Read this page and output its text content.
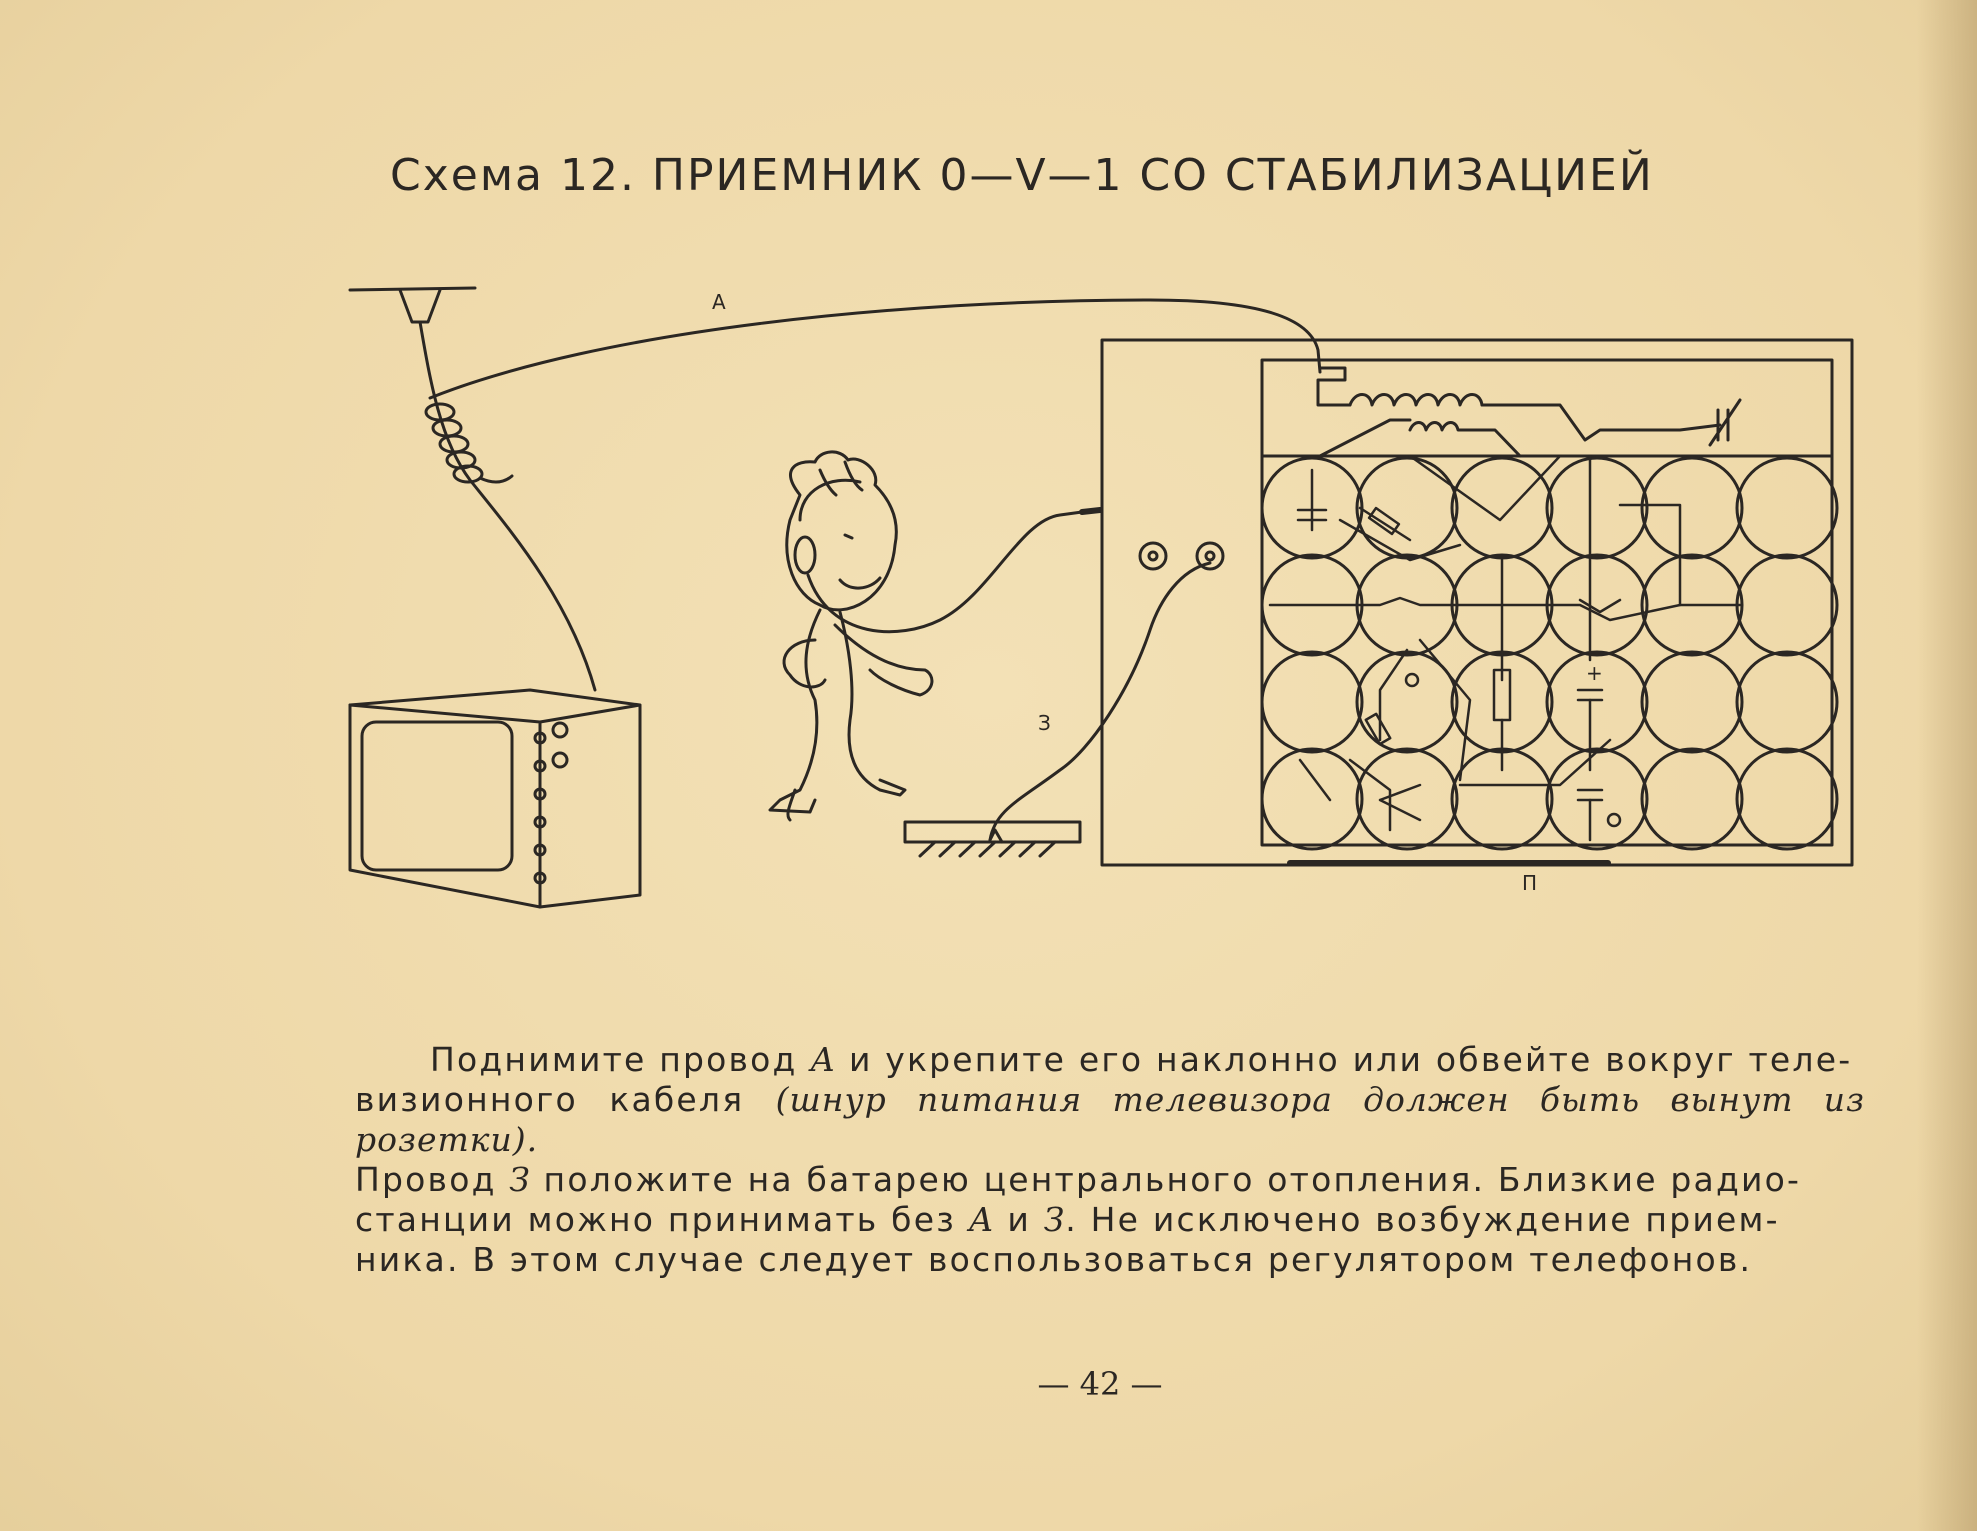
Схема 12. ПРИЕМНИК 0—V—1 СО СТАБИЛИЗАЦИЕЙ
А
З
+
П

Поднимите провод А и укрепите его наклонно или обвейте вокруг теле-

визионного кабеля (шнур питания телевизора должен быть вынут из розетки).

Провод З положите на батарею центрального отопления. Близкие радио-

станции можно принимать без А и З. Не исключено возбуждение прием-

ника. В этом случае следует воспользоваться регулятором телефонов.

— 42 —
